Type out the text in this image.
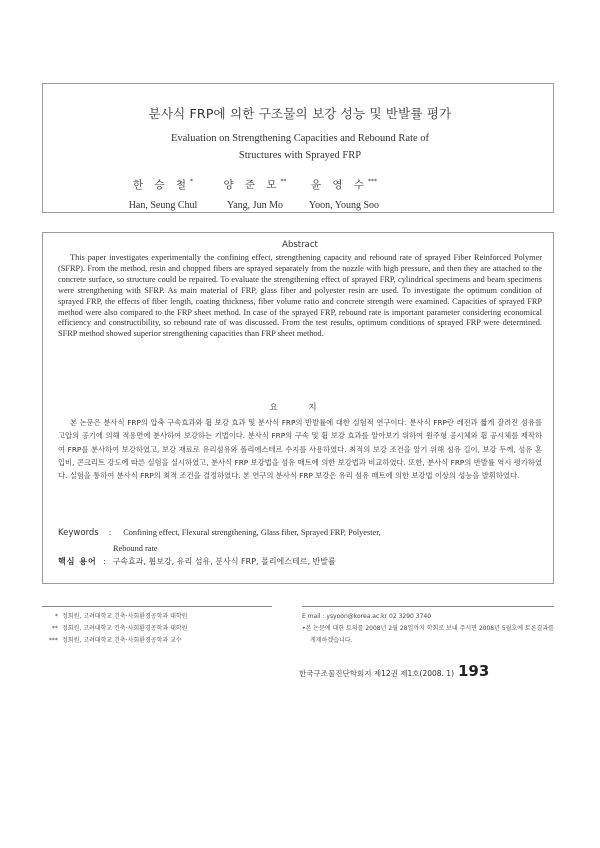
분사식 FRP에 의한 구조물의 보강 성능 및 반발률 평가
Evaluation on Strengthening Capacities and Rebound Rate of
Structures with Sprayed FRP
한 승 철*
Han, Seung Chul
양 준 모**
Yang, Jun Mo
윤 영 수***
Yoon, Young Soo
Abstract
This paper investigates experimentally the confining effect, strengthening capacity and rebound rate of sprayed Fiber Reinforced Polymer (SFRP). From the method, resin and chopped fibers are sprayed separately from the nozzle with high pressure, and then they are attached to the concrete surface, so structure could be repaired. To evaluate the strengthening effect of sprayed FRP, cylindrical specimens and beam specimens were strengthening with SFRP. As main material of FRP, glass fiber and polyester resin are used. To investigate the optimum condition of sprayed FRP, the effects of fiber length, coating thickness, fiber volume ratio and concrete strength were examined. Capacities of sprayed FRP method were also compared to the FRP sheet method. In case of the sprayed FRP, rebound rate is important parameter considering economical efficiency and constructibility, so rebound rate of was discussed. From the test results, optimum conditions of sprayed FRP were determined. SFRP method showed superior strengthening capacities than FRP sheet method.
요 지
본 논문은 분사식 FRP의 압축 구속효과와 휨 보강 효과 및 분사식 FRP의 반발률에 대한 실험적 연구이다. 분사식 FRP란 레진과 짧게 잘려진 섬유를 고압의 공기에 의해 적용면에 분사하여 보강하는 기법이다. 분사식 FRP의 구속 및 휨 보강 효과를 알아보기 위하여 원주형 공시체와 휨 공시체를 제작하여 FRP를 분사하여 보강하였고, 보강 재료로 유리섬유와 폴리에스테르 수지를 사용하였다. 최적의 보강 조건을 알기 위해 섬유 길이, 보강 두께, 섬유 혼입비, 콘크리트 강도에 따른 실험을 실시하였고, 분사식 FRP 보강법을 섬유 매트에 의한 보강법과 비교하였다. 또한, 분사식 FRP의 반발률 역시 평가하였다. 실험을 통하여 분사식 FRP의 최적 조건을 결정하였다. 본 연구의 분사식 FRP 보강은 유리 섬유 매트에 의한 보강법 이상의 성능을 발휘하였다.
Keywords : Confining effect, Flexural strengthening, Glass fiber, Sprayed FRP, Polyester,
Rebound rate
핵심 용어 : 구속효과, 휨보강, 유리 섬유, 분사식 FRP, 폴리에스테르, 반발률
* 정회원, 고려대학교 건축·사회환경공학과 대학원
** 정회원, 고려대학교 건축·사회환경공학과 대학원
*** 정회원, 고려대학교 건축·사회환경공학과 교수
E mail : ysyoon@korea.ac.kr 02 3290 3740
•본 논문에 대한 토의를 2008년 2월 28일까지 학회로 보내 주시면 2008년 5월호에 토론결과를 게재하겠습니다.
한국구조물진단학회지 제12권 제1호(2008. 1) 193
